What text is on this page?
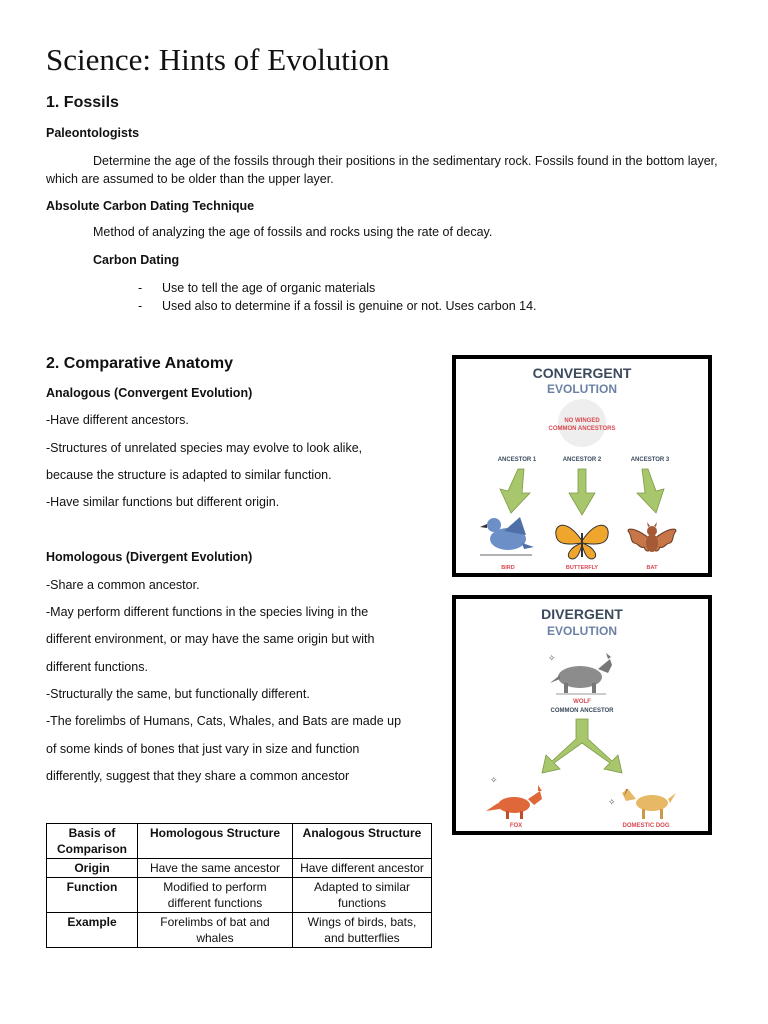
Science: Hints of Evolution
1. Fossils
Paleontologists
Determine the age of the fossils through their positions in the sedimentary rock. Fossils found in the bottom layer, which are assumed to be older than the upper layer.
Absolute Carbon Dating Technique
Method of analyzing the age of fossils and rocks using the rate of decay.
Carbon Dating
- Use to tell the age of organic materials
- Used also to determine if a fossil is genuine or not. Uses carbon 14.
2. Comparative Anatomy
Analogous (Convergent Evolution)
-Have different ancestors.
-Structures of unrelated species may evolve to look alike,
because the structure is adapted to similar function.
-Have similar functions but different origin.
Homologous (Divergent Evolution)
-Share a common ancestor.
-May perform different functions in the species living in the
different environment, or may have the same origin but with
different functions.
-Structurally the same, but functionally different.
-The forelimbs of Humans, Cats, Whales, and Bats are made up
of some kinds of bones that just vary in size and function
differently, suggest that they share a common ancestor
CONVERGENT
EVOLUTION
NO WINGED
COMMON ANCESTORS
ANCESTOR 1	ANCESTOR 2	ANCESTOR 3
BIRD	BUTTERFLY	BAT
DIVERGENT
EVOLUTION
✧
WOLF
COMMON ANCESTOR
✧
✧
FOX	DOMESTIC DOG
Basis of Comparison	Homologous Structure	Analogous Structure
Origin	Have the same ancestor	Have different ancestor
Function	Modified to perform different functions	Adapted to similar functions
Example	Forelimbs of bat and whales	Wings of birds, bats, and butterflies
